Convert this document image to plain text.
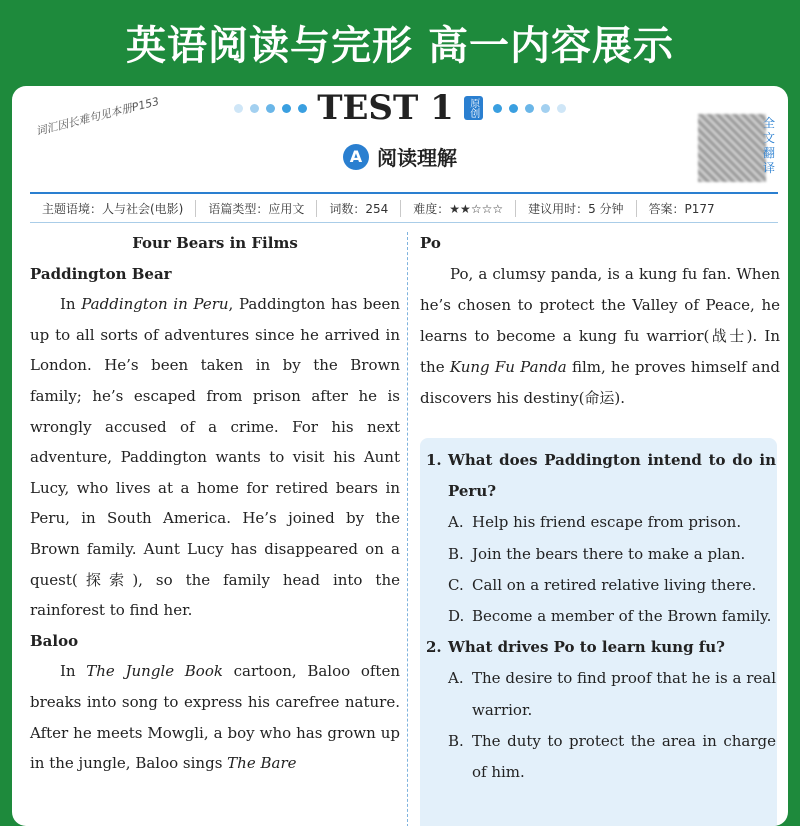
英语阅读与完形 高一内容展示
词汇因长难句见本册P153	TEST 1	原创
A 阅读理解
全文翻译
主题语境：人与社会(电影)	语篇类型：应用文	词数：254	难度：★★☆☆☆	建议用时：5 分钟	答案：P177
Four Bears in Films
Paddington Bear

In Paddington in Peru, Paddington has been up to all sorts of adventures since he arrived in London. He’s been taken in by the Brown family; he’s escaped from prison after he is wrongly accused of a crime. For his next adventure, Paddington wants to visit his Aunt Lucy, who lives at a home for retired bears in Peru, in South America. He’s joined by the Brown family. Aunt Lucy has disappeared on a quest(探索), so the family head into the rainforest to find her.

Baloo

In The Jungle Book cartoon, Baloo often breaks into song to express his carefree nature. After he meets Mowgli, a boy who has grown up in the jungle, Baloo sings The Bare

Po

Po, a clumsy panda, is a kung fu fan. When he’s chosen to protect the Valley of Peace, he learns to become a kung fu warrior(战士). In the Kung Fu Panda film, he proves himself and discovers his destiny(命运).

1. What does Paddington intend to do in Peru?
A. Help his friend escape from prison.
B. Join the bears there to make a plan.
C. Call on a retired relative living there.
D. Become a member of the Brown family.
2. What drives Po to learn kung fu?
A. The desire to find proof that he is a real warrior.
B. The duty to protect the area in charge of him.
